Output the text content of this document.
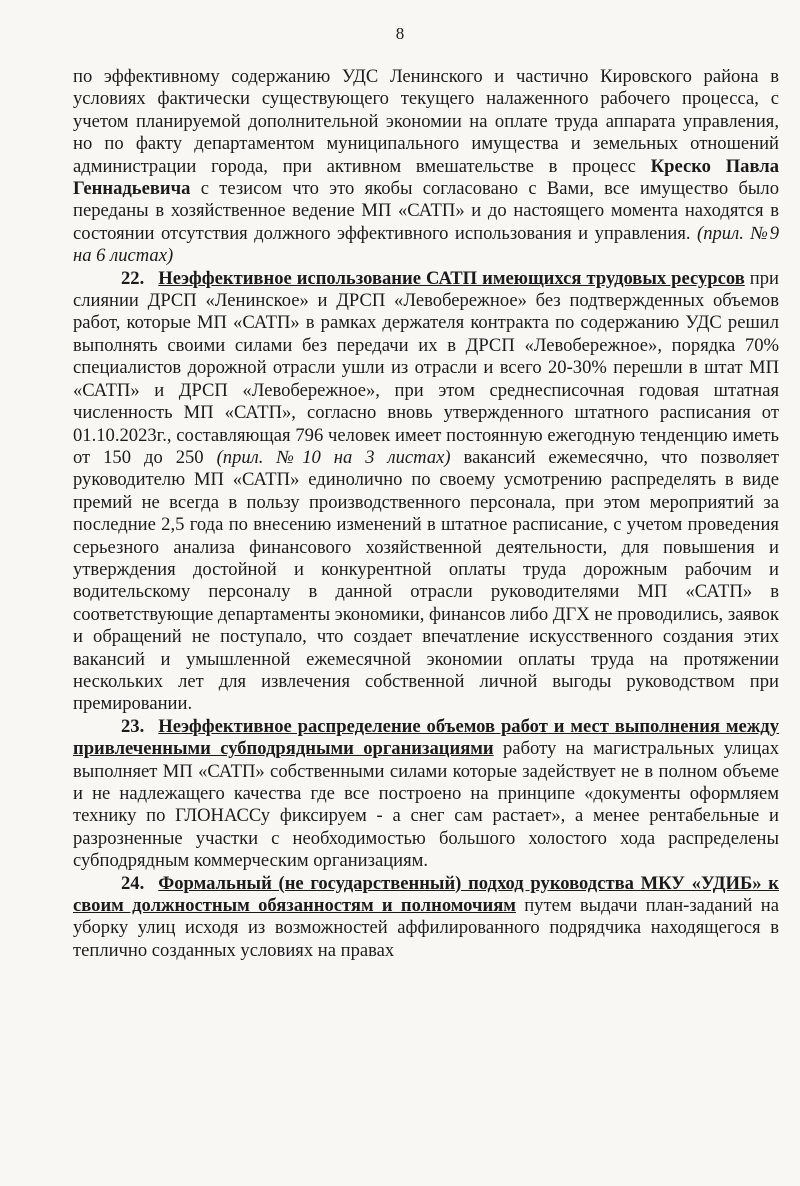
8

по эффективному содержанию УДС Ленинского и частично Кировского района в условиях фактически существующего текущего налаженного рабочего процесса, с учетом планируемой дополнительной экономии на оплате труда аппарата управления, но по факту департаментом муниципального имущества и земельных отношений администрации города, при активном вмешательстве в процесс Креско Павла Геннадьевича с тезисом что это якобы согласовано с Вами, все имущество было переданы в хозяйственное ведение МП «САТП» и до настоящего момента находятся в состоянии отсутствия должного эффективного использования и управления. (прил. №9 на 6 листах)

22. Неэффективное использование САТП имеющихся трудовых ресурсов при слиянии ДРСП «Ленинское» и ДРСП «Левобережное» без подтвержденных объемов работ, которые МП «САТП» в рамках держателя контракта по содержанию УДС решил выполнять своими силами без передачи их в ДРСП «Левобережное», порядка 70% специалистов дорожной отрасли ушли из отрасли и всего 20-30% перешли в штат МП «САТП» и ДРСП «Левобережное», при этом среднесписочная годовая штатная численность МП «САТП», согласно вновь утвержденного штатного расписания от 01.10.2023г., составляющая 796 человек имеет постоянную ежегодную тенденцию иметь от 150 до 250 (прил. №10 на 3 листах) вакансий ежемесячно, что позволяет руководителю МП «САТП» единолично по своему усмотрению распределять в виде премий не всегда в пользу производственного персонала, при этом мероприятий за последние 2,5 года по внесению изменений в штатное расписание, с учетом проведения серьезного анализа финансового хозяйственной деятельности, для повышения и утверждения достойной и конкурентной оплаты труда дорожным рабочим и водительскому персоналу в данной отрасли руководителями МП «САТП» в соответствующие департаменты экономики, финансов либо ДГХ не проводились, заявок и обращений не поступало, что создает впечатление искусственного создания этих вакансий и умышленной ежемесячной экономии оплаты труда на протяжении нескольких лет для извлечения собственной личной выгоды руководством при премировании.

23. Неэффективное распределение объемов работ и мест выполнения между привлеченными субподрядными организациями работу на магистральных улицах выполняет МП «САТП» собственными силами которые задействует не в полном объеме и не надлежащего качества где все построено на принципе «документы оформляем технику по ГЛОНАССу фиксируем - а снег сам растает», а менее рентабельные и разрозненные участки с необходимостью большого холостого хода распределены субподрядным коммерческим организациям.

24. Формальный (не государственный) подход руководства МКУ «УДИБ» к своим должностным обязанностям и полномочиям путем выдачи план-заданий на уборку улиц исходя из возможностей аффилированного подрядчика находящегося в теплично созданных условиях на правах
